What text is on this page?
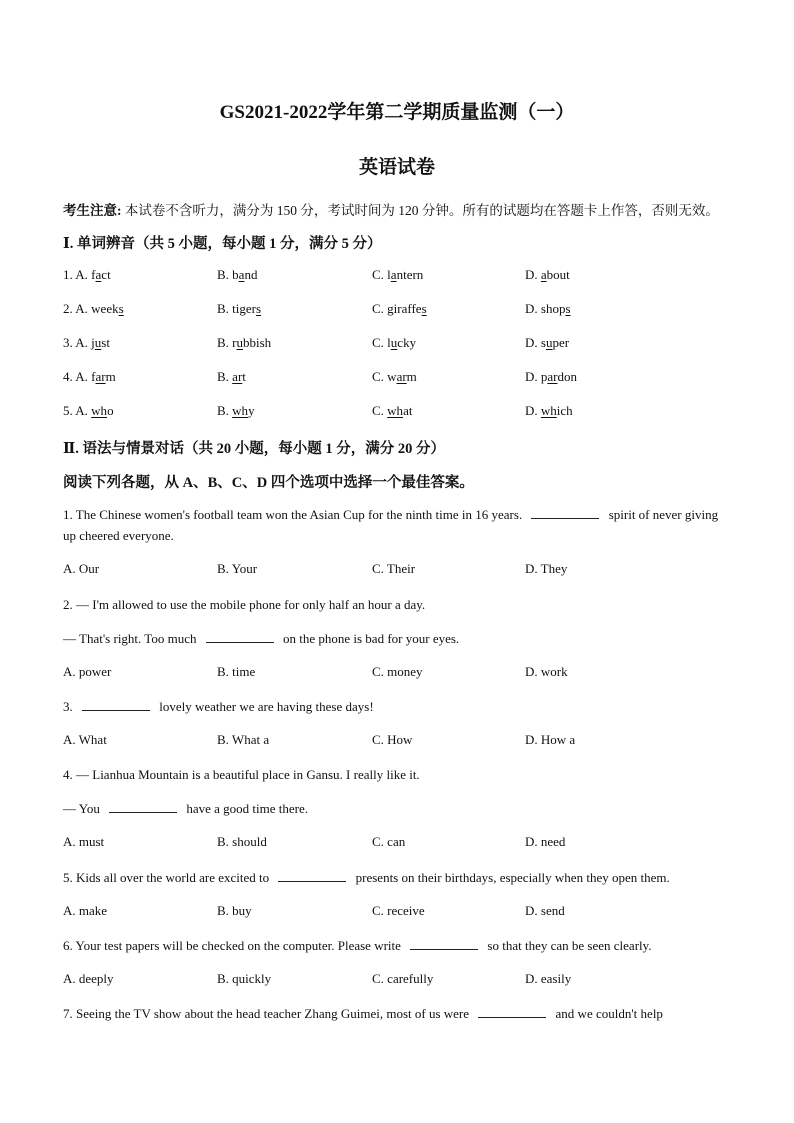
GS2021-2022学年第二学期质量监测（一）
英语试卷
考生注意: 本试卷不含听力，满分为 150 分，考试时间为 120 分钟。所有的试题均在答题卡上作答，否则无效。
Ⅰ. 单词辨音（共 5 小题，每小题 1 分，满分 5 分）
1. A. fact	B. band	C. lantern	D. about
2. A. weeks	B. tigers	C. giraffes	D. shops
3. A. just	B. rubbish	C. lucky	D. super
4. A. farm	B. art	C. warm	D. pardon
5. A. who	B. why	C. what	D. which
Ⅱ. 语法与情景对话（共 20 小题，每小题 1 分，满分 20 分）
阅读下列各题，从 A、B、C、D 四个选项中选择一个最佳答案。
1. The Chinese women's football team won the Asian Cup for the ninth time in 16 years.	spirit of never giving up cheered everyone.
A. Our	B. Your	C. Their	D. They
2. — I'm allowed to use the mobile phone for only half an hour a day.
— That's right. Too much	on the phone is bad for your eyes.
A. power	B. time	C. money	D. work
3.	lovely weather we are having these days!
A. What	B. What a	C. How	D. How a
4. — Lianhua Mountain is a beautiful place in Gansu. I really like it.
— You	have a good time there.
A. must	B. should	C. can	D. need
5. Kids all over the world are excited to	presents on their birthdays, especially when they open them.
A. make	B. buy	C. receive	D. send
6. Your test papers will be checked on the computer. Please write	so that they can be seen clearly.
A. deeply	B. quickly	C. carefully	D. easily
7. Seeing the TV show about the head teacher Zhang Guimei, most of us were	and we couldn't help
